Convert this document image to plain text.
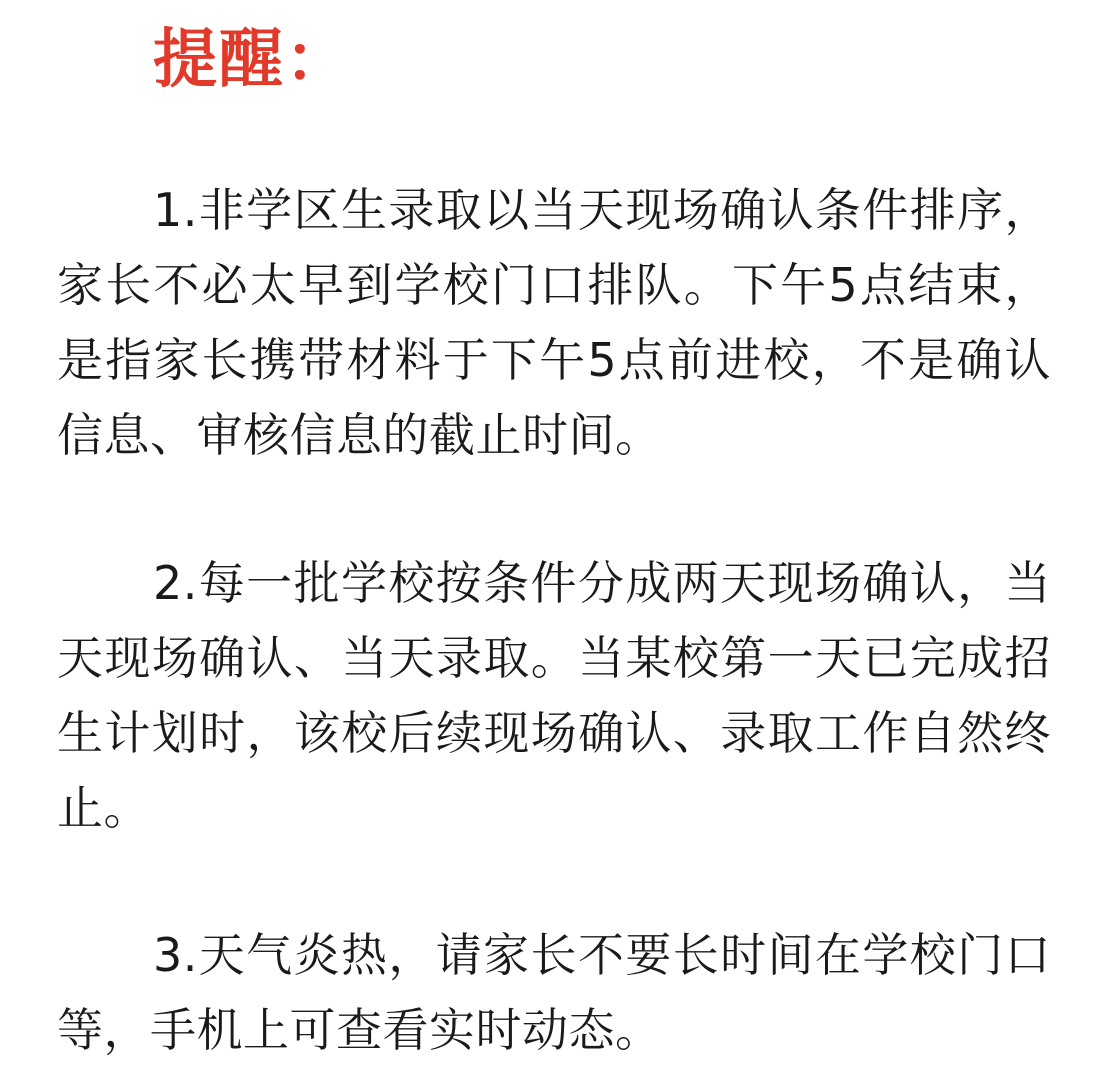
提醒：

1.非学区生录取以当天现场确认条件排序，家长不必太早到学校门口排队。下午5点结束，是指家长携带材料于下午5点前进校，不是确认信息、审核信息的截止时间。

2.每一批学校按条件分成两天现场确认，当天现场确认、当天录取。当某校第一天已完成招生计划时，该校后续现场确认、录取工作自然终止。

3.天气炎热，请家长不要长时间在学校门口等，手机上可查看实时动态。
